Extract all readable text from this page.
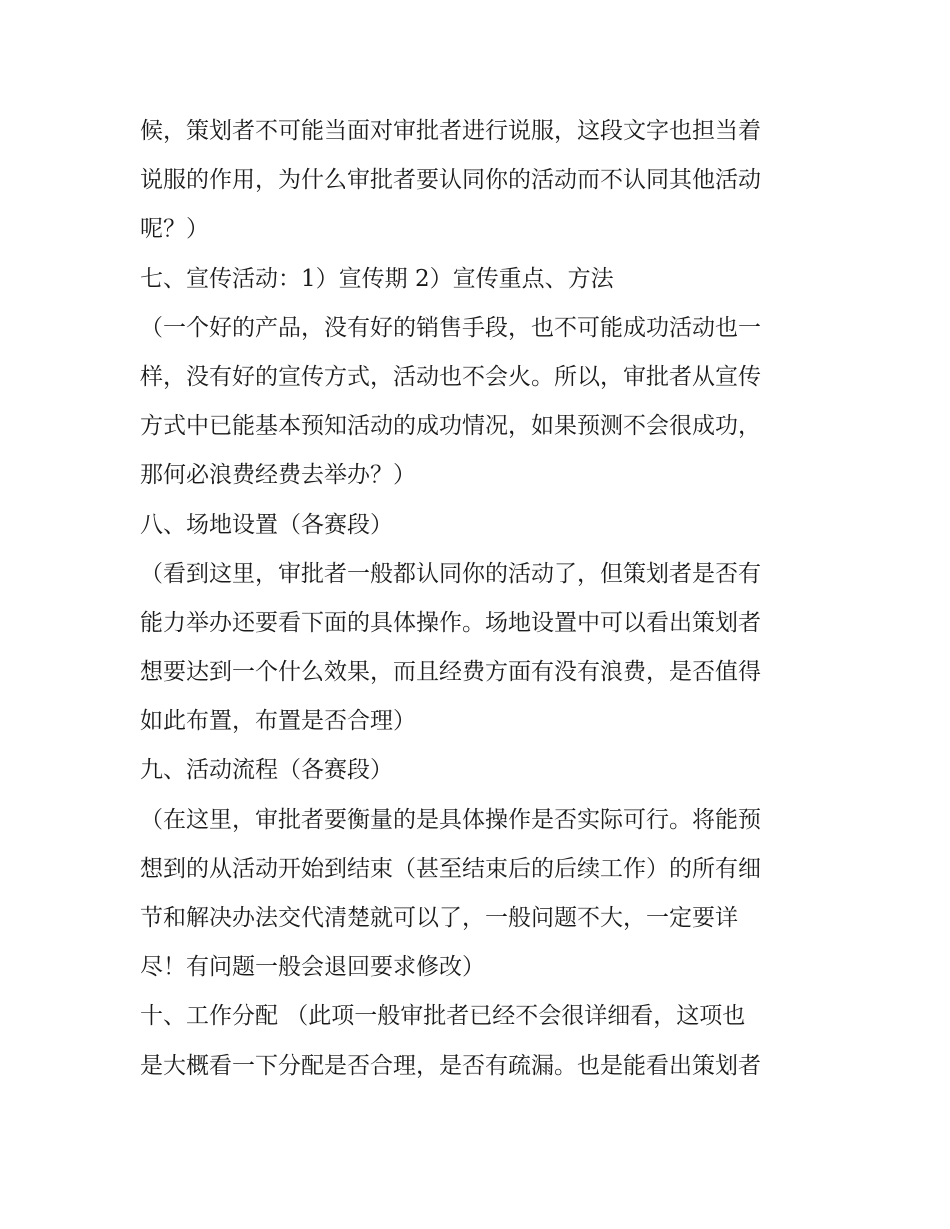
候，策划者不可能当面对审批者进行说服，这段文字也担当着
说服的作用，为什么审批者要认同你的活动而不认同其他活动
呢？）
七、宣传活动：1）宣传期 2）宣传重点、方法
（一个好的产品，没有好的销售手段，也不可能成功活动也一
样，没有好的宣传方式，活动也不会火。所以，审批者从宣传
方式中已能基本预知活动的成功情况，如果预测不会很成功，
那何必浪费经费去举办？）
八、场地设置（各赛段）
（看到这里，审批者一般都认同你的活动了，但策划者是否有
能力举办还要看下面的具体操作。场地设置中可以看出策划者
想要达到一个什么效果，而且经费方面有没有浪费，是否值得
如此布置，布置是否合理）
九、活动流程（各赛段）
（在这里，审批者要衡量的是具体操作是否实际可行。将能预
想到的从活动开始到结束（甚至结束后的后续工作）的所有细
节和解决办法交代清楚就可以了，一般问题不大，一定要详
尽！有问题一般会退回要求修改）
十、工作分配 （此项一般审批者已经不会很详细看，这项也
是大概看一下分配是否合理，是否有疏漏。也是能看出策划者
